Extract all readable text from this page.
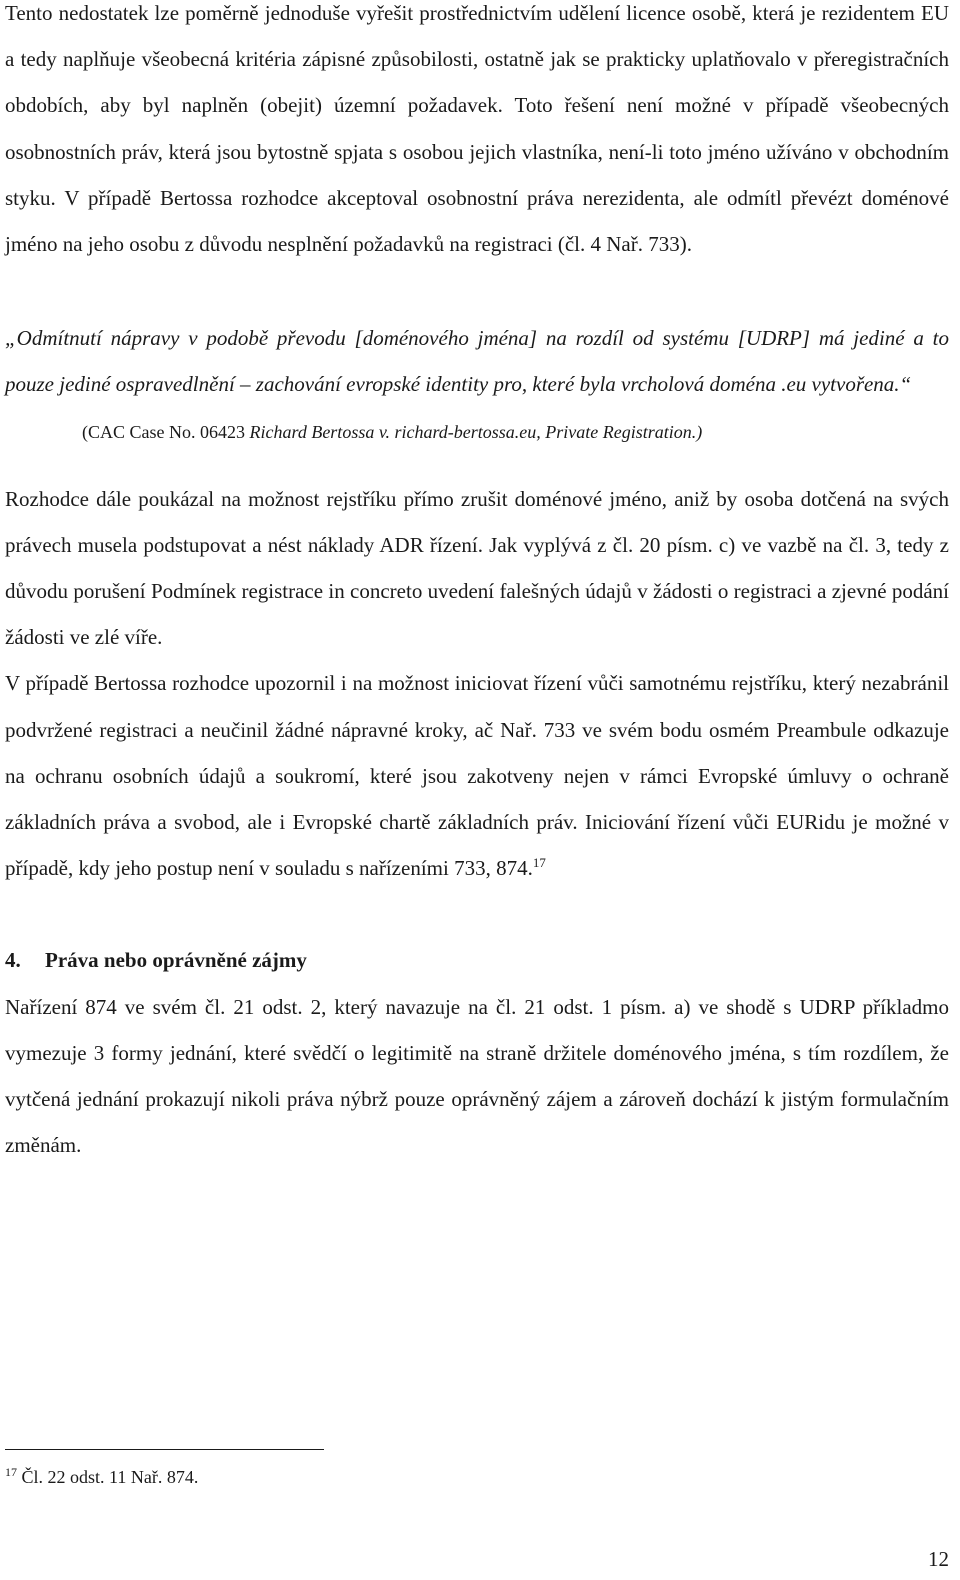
Tento nedostatek lze poměrně jednoduše vyřešit prostřednictvím udělení licence osobě, která je rezidentem EU a tedy naplňuje všeobecná kritéria zápisné způsobilosti, ostatně jak se prakticky uplatňovalo v přeregistračních obdobích, aby byl naplněn (obejit) územní požadavek. Toto řešení není možné v případě všeobecných osobnostních práv, která jsou bytostně spjata s osobou jejich vlastníka, není-li toto jméno užíváno v obchodním styku. V případě Bertossa rozhodce akceptoval osobnostní práva nerezidenta, ale odmítl převézt doménové jméno na jeho osobu z důvodu nesplnění požadavků na registraci (čl. 4 Nař. 733).

„Odmítnutí nápravy v podobě převodu [doménového jména] na rozdíl od systému [UDRP] má jediné a to pouze jediné ospravedlnění – zachování evropské identity pro, které byla vrcholová doména .eu vytvořena.“

(CAC Case No. 06423 Richard Bertossa v. richard-bertossa.eu, Private Registration.)

Rozhodce dále poukázal na možnost rejstříku přímo zrušit doménové jméno, aniž by osoba dotčená na svých právech musela podstupovat a nést náklady ADR řízení. Jak vyplývá z čl. 20 písm. c) ve vazbě na čl. 3, tedy z důvodu porušení Podmínek registrace in concreto uvedení falešných údajů v žádosti o registraci a zjevné podání žádosti ve zlé víře.

V případě Bertossa rozhodce upozornil i na možnost iniciovat řízení vůči samotnému rejstříku, který nezabránil podvržené registraci a neučinil žádné nápravné kroky, ač Nař. 733 ve svém bodu osmém Preambule odkazuje na ochranu osobních údajů a soukromí, které jsou zakotveny nejen v rámci Evropské úmluvy o ochraně základních práva a svobod, ale i Evropské chartě základních práv. Iniciování řízení vůči EURidu je možné v případě, kdy jeho postup není v souladu s nařízeními 733, 874.17

4. Práva nebo oprávněné zájmy

Nařízení 874 ve svém čl. 21 odst. 2, který navazuje na čl. 21 odst. 1 písm. a) ve shodě s UDRP příkladmo vymezuje 3 formy jednání, které svědčí o legitimitě na straně držitele doménového jména, s tím rozdílem, že vytčená jednání prokazují nikoli práva nýbrž pouze oprávněný zájem a zároveň dochází k jistým formulačním změnám.

$^{17}$ Čl. 22 odst. 11 Nař. 874.
12
